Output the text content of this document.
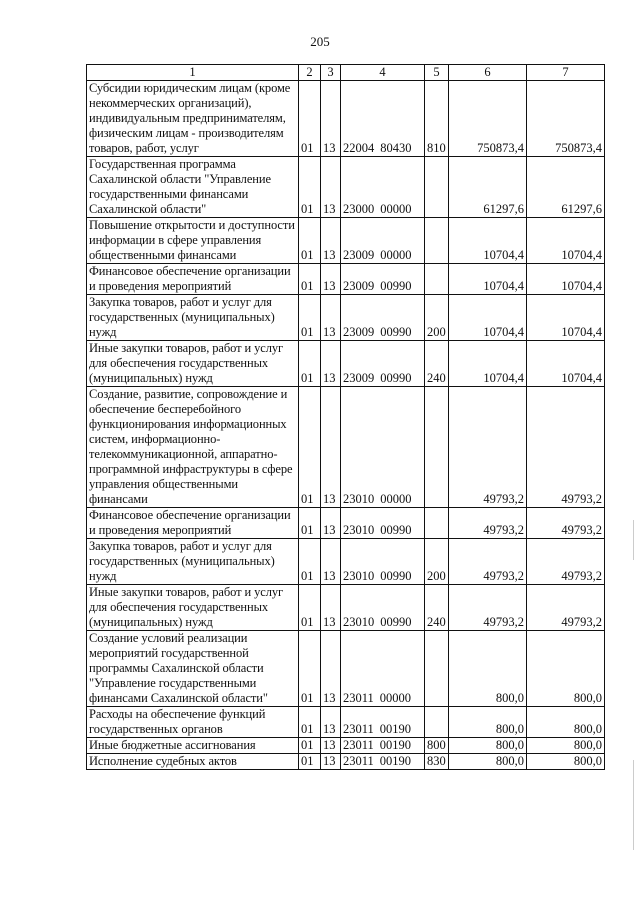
205
1	2	3	4	5	6	7
Субсидии юридическим лицам (кроме некоммерческих организаций), индивидуальным предпринимателям, физическим лицам - производителям товаров, работ, услуг	01	13	22004 80430	810	750873,4	750873,4
Государственная программа Сахалинской области "Управление государственными финансами Сахалинской области"	01	13	23000 00000		61297,6	61297,6
Повышение открытости и доступности информации в сфере управления общественными финансами	01	13	23009 00000		10704,4	10704,4
Финансовое обеспечение организации и проведения мероприятий	01	13	23009 00990		10704,4	10704,4
Закупка товаров, работ и услуг для государственных (муниципальных) нужд	01	13	23009 00990	200	10704,4	10704,4
Иные закупки товаров, работ и услуг для обеспечения государственных (муниципальных) нужд	01	13	23009 00990	240	10704,4	10704,4
Создание, развитие, сопровождение и обеспечение бесперебойного функционирования информационных систем, информационно-телекоммуникационной, аппаратно-программной инфраструктуры в сфере управления общественными финансами	01	13	23010 00000		49793,2	49793,2
Финансовое обеспечение организации и проведения мероприятий	01	13	23010 00990		49793,2	49793,2
Закупка товаров, работ и услуг для государственных (муниципальных) нужд	01	13	23010 00990	200	49793,2	49793,2
Иные закупки товаров, работ и услуг для обеспечения государственных (муниципальных) нужд	01	13	23010 00990	240	49793,2	49793,2
Создание условий реализации мероприятий государственной программы Сахалинской области "Управление государственными финансами Сахалинской области"	01	13	23011 00000		800,0	800,0
Расходы на обеспечение функций государственных органов	01	13	23011 00190		800,0	800,0
Иные бюджетные ассигнования	01	13	23011 00190	800	800,0	800,0
Исполнение судебных актов	01	13	23011 00190	830	800,0	800,0
